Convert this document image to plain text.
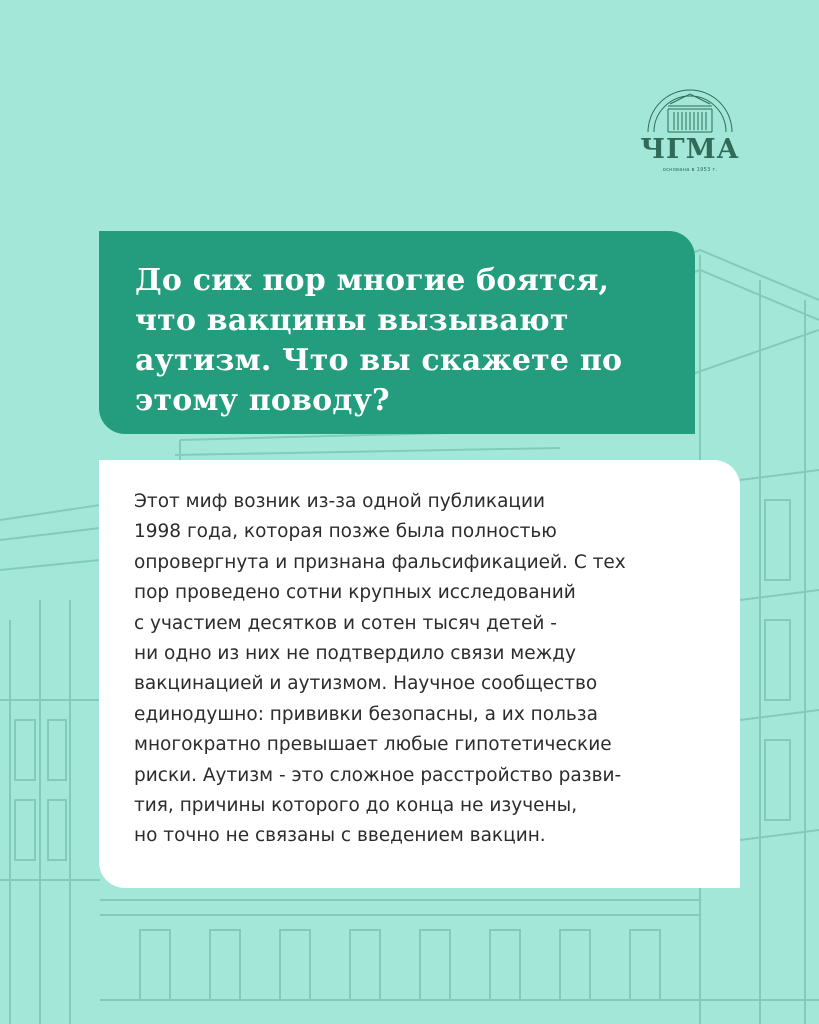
ЧГМА
основана в 1953 г.
До сих пор многие боятся, что вакцины вызывают аутизм. Что вы скажете по этому поводу?

Этот миф возник из-за одной публикации
1998 года, которая позже была полностью
опровергнута и признана фальсификацией. С тех
пор проведено сотни крупных исследований
с участием десятков и сотен тысяч детей -
ни одно из них не подтвердило связи между
вакцинацией и аутизмом. Научное сообщество
единодушно: прививки безопасны, а их польза
многократно превышает любые гипотетические
риски. Аутизм - это сложное расстройство разви-
тия, причины которого до конца не изучены,
но точно не связаны с введением вакцин.
